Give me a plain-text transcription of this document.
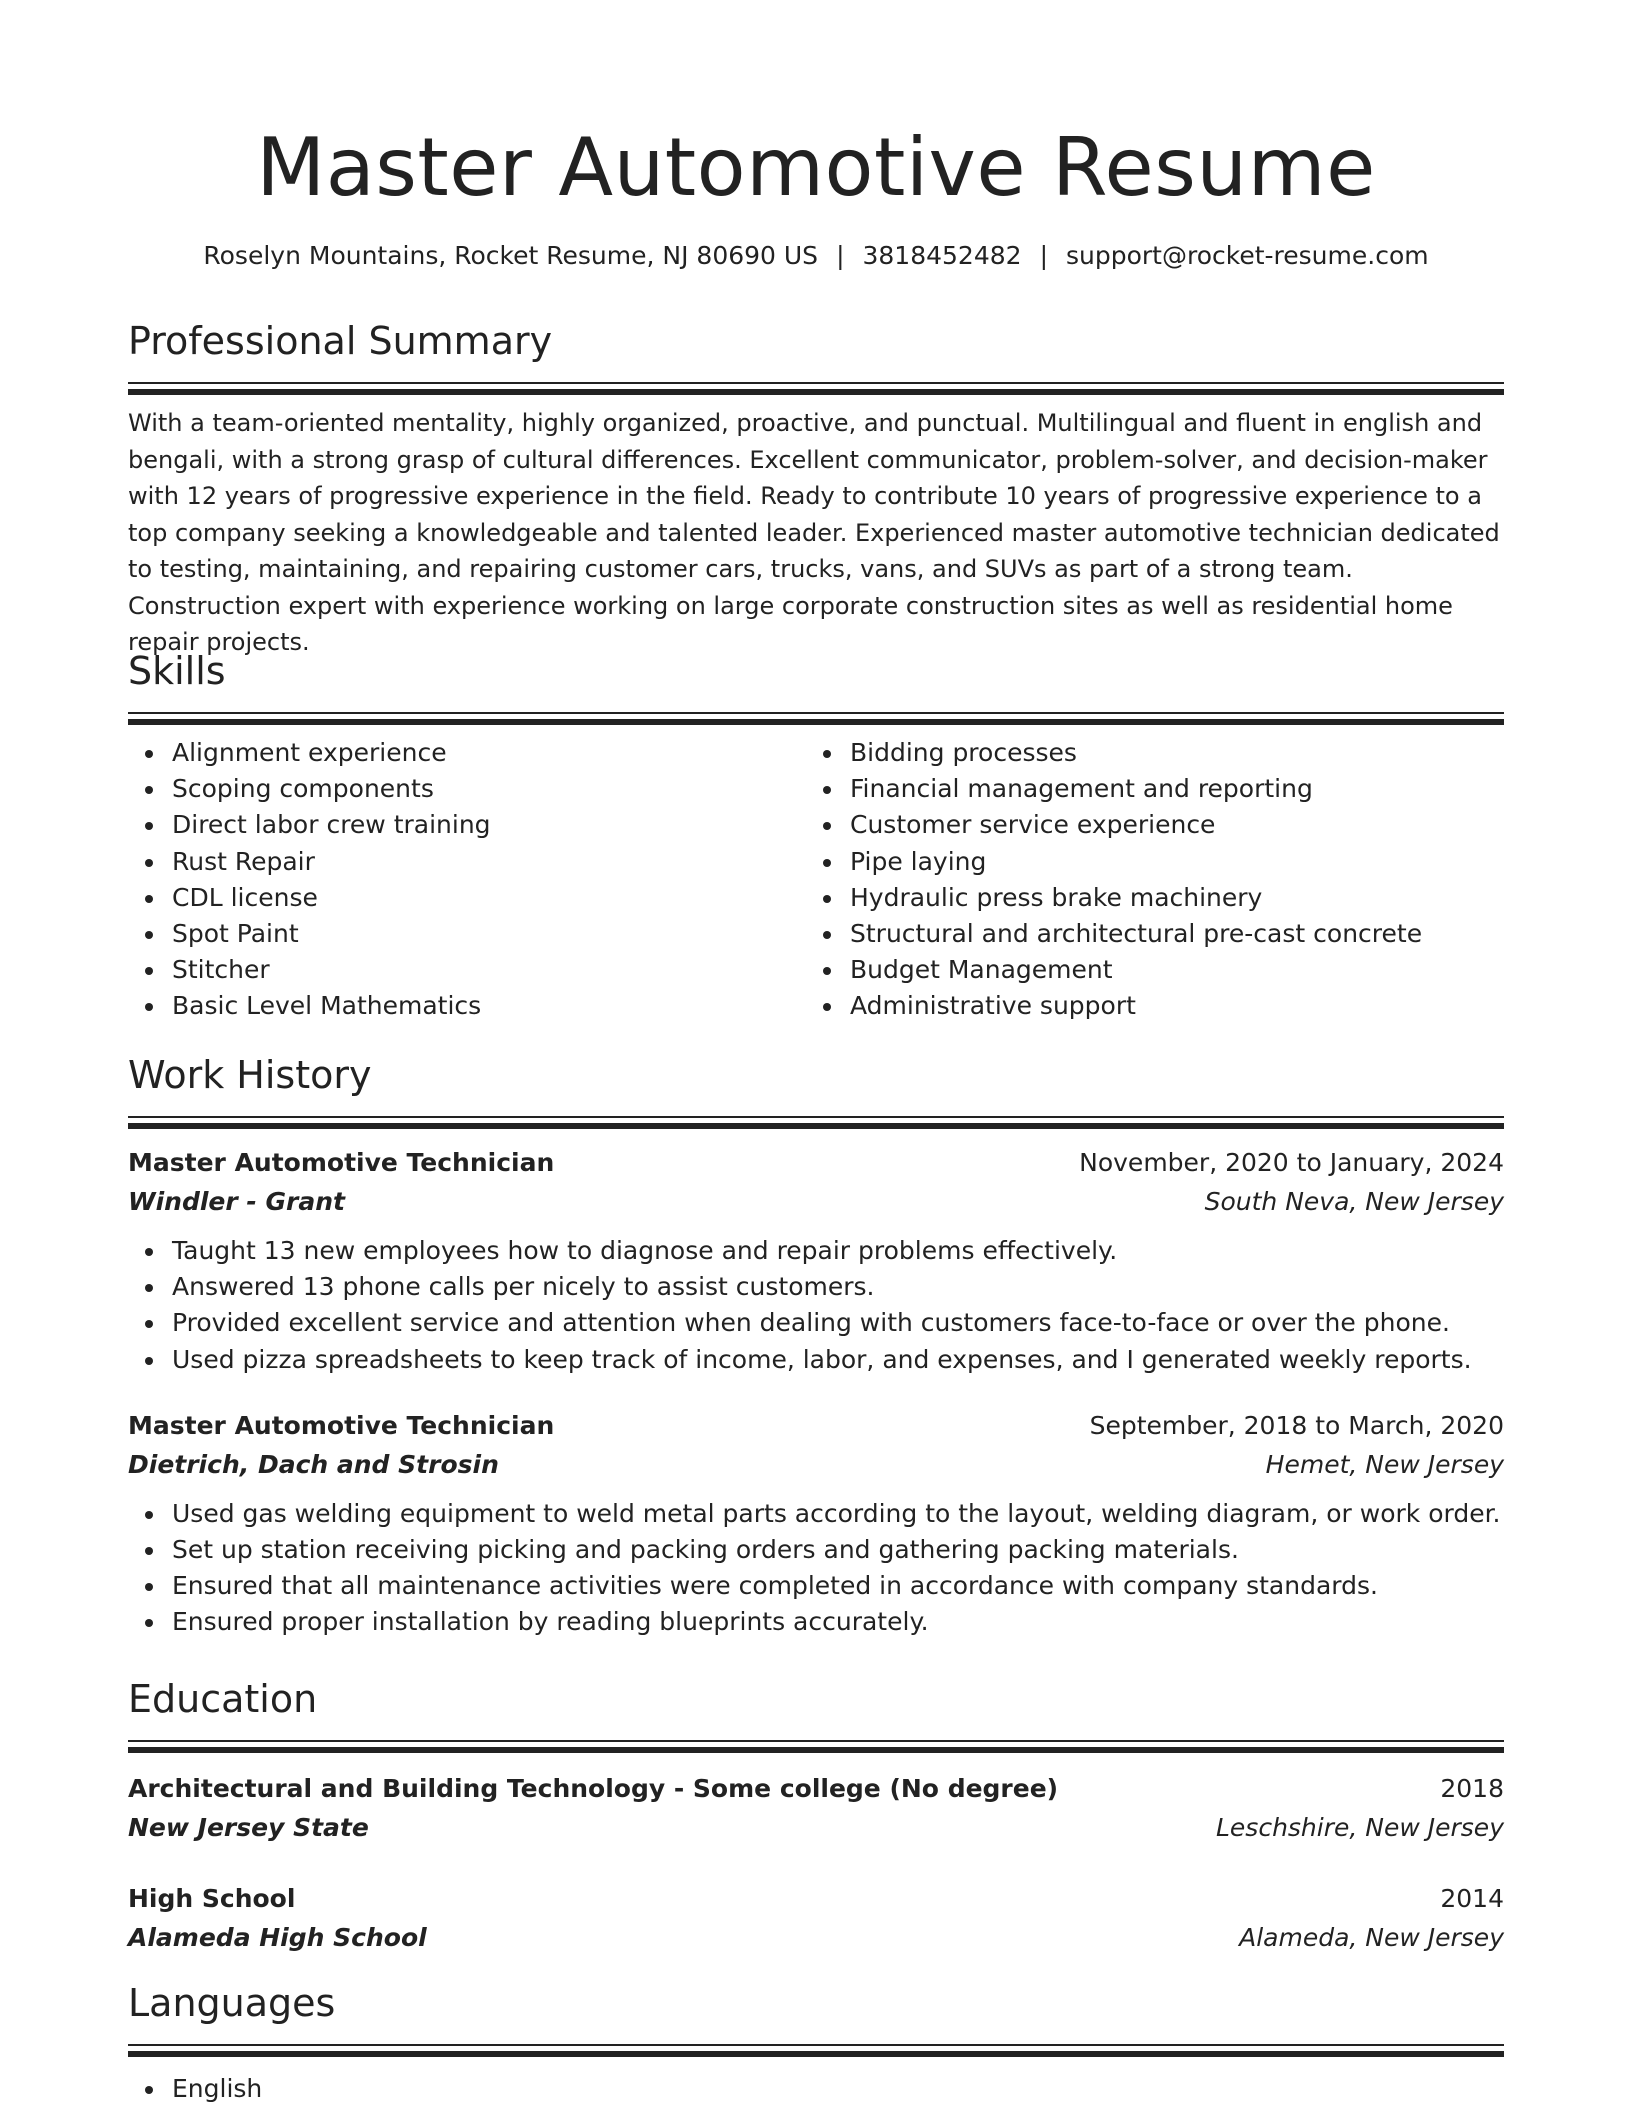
Master Automotive Resume
Roselyn Mountains, Rocket Resume, NJ 80690 US | 3818452482 | support@rocket-resume.com
Professional Summary
With a team-oriented mentality, highly organized, proactive, and punctual. Multilingual and fluent in english and bengali, with a strong grasp of cultural differences. Excellent communicator, problem-solver, and decision-maker with 12 years of progressive experience in the field. Ready to contribute 10 years of progressive experience to a top company seeking a knowledgeable and talented leader. Experienced master automotive technician dedicated to testing, maintaining, and repairing customer cars, trucks, vans, and SUVs as part of a strong team. Construction expert with experience working on large corporate construction sites as well as residential home repair projects.
Skills
Alignment experience
Scoping components
Direct labor crew training
Rust Repair
CDL license
Spot Paint
Stitcher
Basic Level Mathematics
Bidding processes
Financial management and reporting
Customer service experience
Pipe laying
Hydraulic press brake machinery
Structural and architectural pre-cast concrete
Budget Management
Administrative support
Work History
Master Automotive Technician	November, 2020 to January, 2024
Windler - Grant	South Neva, New Jersey
Taught 13 new employees how to diagnose and repair problems effectively.
Answered 13 phone calls per nicely to assist customers.
Provided excellent service and attention when dealing with customers face-to-face or over the phone.
Used pizza spreadsheets to keep track of income, labor, and expenses, and I generated weekly reports.
Master Automotive Technician	September, 2018 to March, 2020
Dietrich, Dach and Strosin	Hemet, New Jersey
Used gas welding equipment to weld metal parts according to the layout, welding diagram, or work order.
Set up station receiving picking and packing orders and gathering packing materials.
Ensured that all maintenance activities were completed in accordance with company standards.
Ensured proper installation by reading blueprints accurately.
Education
Architectural and Building Technology - Some college (No degree)	2018
New Jersey State	Leschshire, New Jersey
High School	2014
Alameda High School	Alameda, New Jersey
Languages
English
